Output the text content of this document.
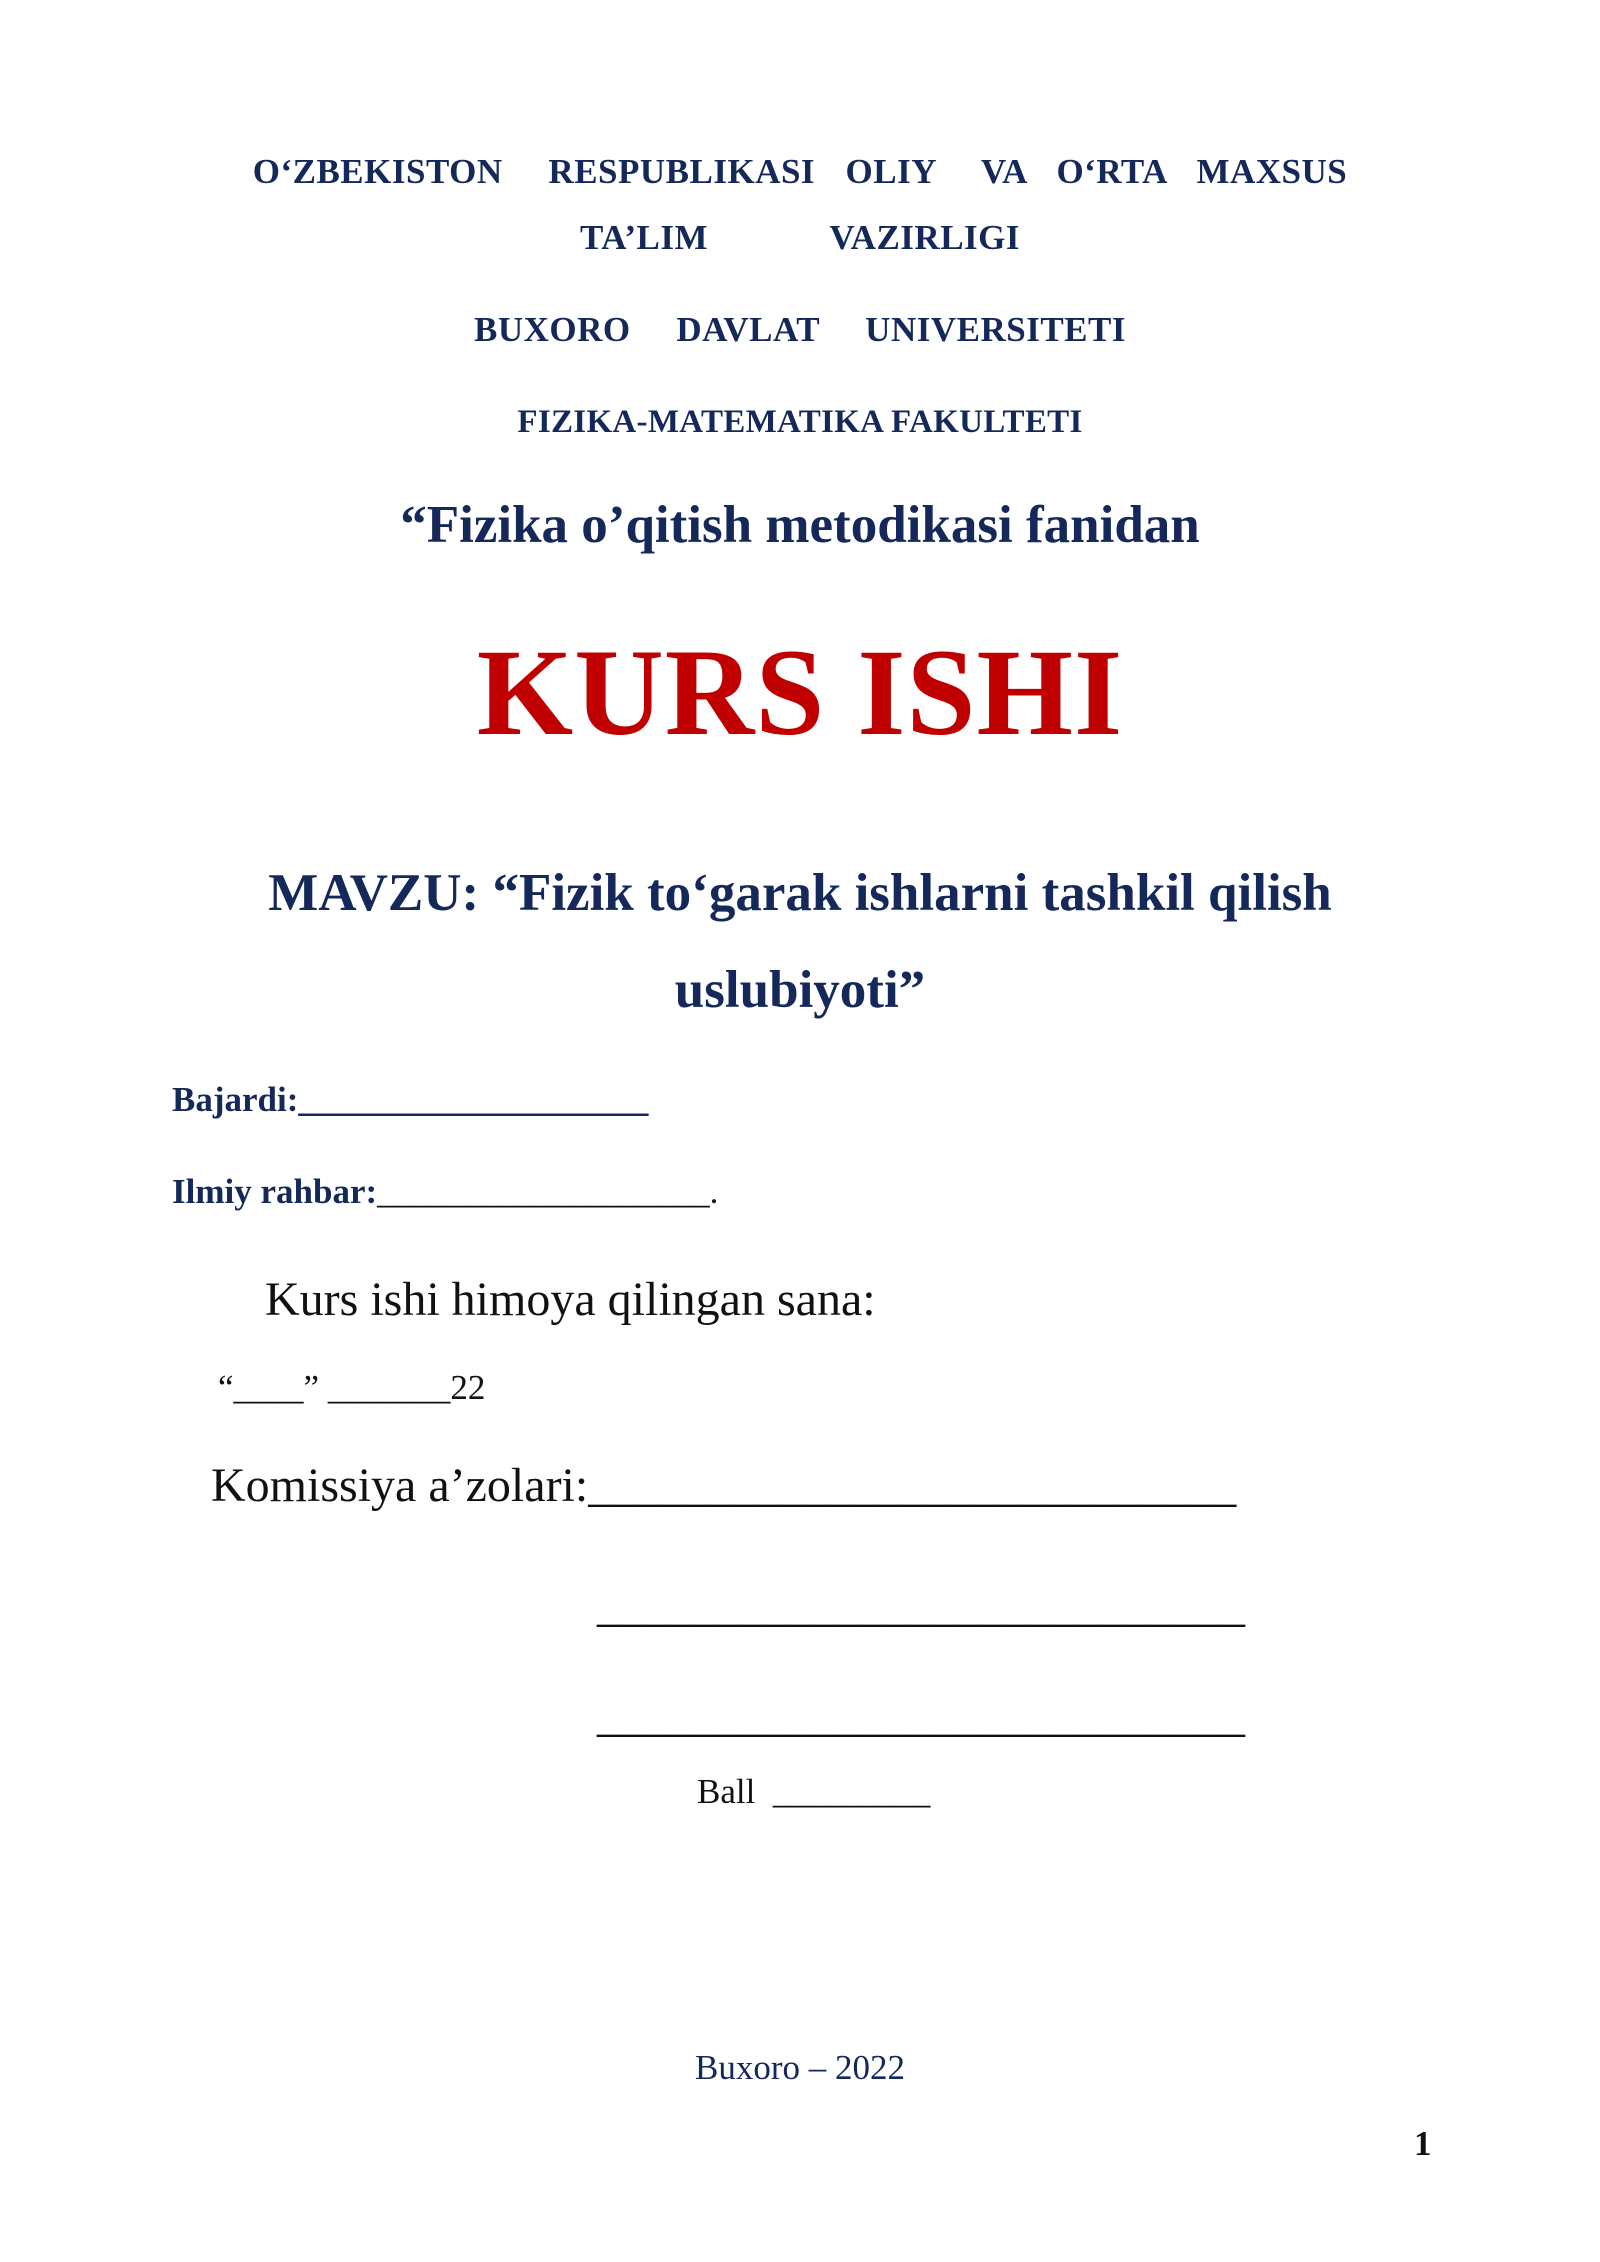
O‘ZBEKISTON   RESPUBLIKASI  OLIY   VA  O‘RTA  MAXSUS

TA’LIM        VAZIRLIGI

BUXORO   DAVLAT   UNIVERSITETI

FIZIKA-MATEMATIKA FAKULTETI

“Fizika o’qitish metodikasi fanidan

KURS ISHI

MAVZU: “Fizik to‘garak ishlarni tashkil qilish

uslubiyoti”

Bajardi:____________________

Ilmiy rahbar:___________________.

Kurs ishi himoya qilingan sana:

“____” _______22

Komissiya a’zolari:___________________________

___________________________

___________________________

Ball _________

Buxoro – 2022

1
